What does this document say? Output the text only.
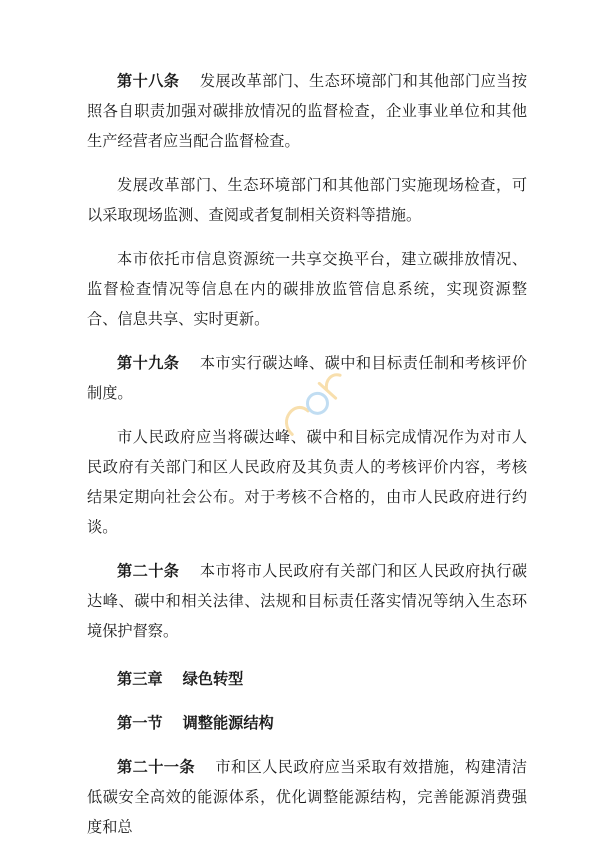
第十八条 发展改革部门、生态环境部门和其他部门应当按照各自职责加强对碳排放情况的监督检查，企业事业单位和其他生产经营者应当配合监督检查。

发展改革部门、生态环境部门和其他部门实施现场检查，可以采取现场监测、查阅或者复制相关资料等措施。

本市依托市信息资源统一共享交换平台，建立碳排放情况、监督检查情况等信息在内的碳排放监管信息系统，实现资源整合、信息共享、实时更新。

第十九条 本市实行碳达峰、碳中和目标责任制和考核评价制度。

市人民政府应当将碳达峰、碳中和目标完成情况作为对市人民政府有关部门和区人民政府及其负责人的考核评价内容，考核结果定期向社会公布。对于考核不合格的，由市人民政府进行约谈。

第二十条 本市将市人民政府有关部门和区人民政府执行碳达峰、碳中和相关法律、法规和目标责任落实情况等纳入生态环境保护督察。

第三章 绿色转型

第一节 调整能源结构

第二十一条 市和区人民政府应当采取有效措施，构建清洁低碳安全高效的能源体系，优化调整能源结构，完善能源消费强度和总
